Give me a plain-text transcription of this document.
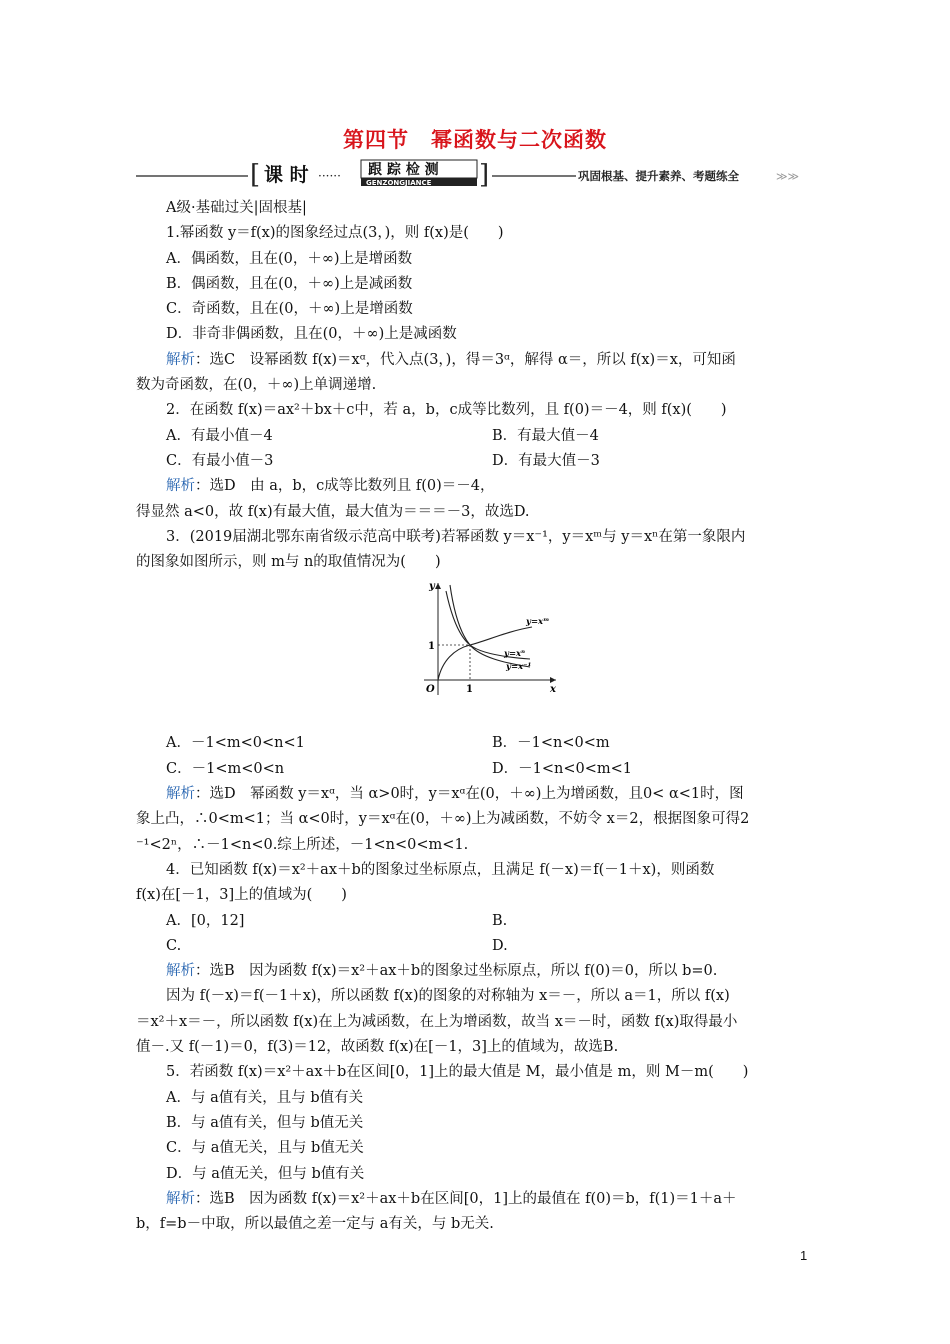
第四节　幂函数与二次函数
[ 课 时 ······ 跟 踪 检 测
GENZONGJIANCE ]	巩固根基、提升素养、考题练全	≫≫
A级·基础过关|固根基|
1.幂函数 y＝f(x)的图象经过点(3，)，则 f(x)是(　　)
A．偶函数，且在(0，＋∞)上是增函数
B．偶函数，且在(0，＋∞)上是减函数
C．奇函数，且在(0，＋∞)上是增函数
D．非奇非偶函数，且在(0，＋∞)上是减函数
解析：选C　设幂函数 f(x)＝xᵅ，代入点(3，)，得＝3ᵅ，解得 α＝，所以 f(x)＝x，可知函
数为奇函数，在(0，＋∞)上单调递增.
2．在函数 f(x)＝ax²＋bx＋c中，若 a，b，c成等比数列，且 f(0)＝－4，则 f(x)(　　)
A．有最小值－4	B．有最大值－4
C．有最小值－3	D．有最大值－3
解析：选D　由 a，b，c成等比数列且 f(0)＝－4，
得显然 a<0，故 f(x)有最大值，最大值为＝＝＝－3，故选D.
3．(2019届湖北鄂东南省级示范高中联考)若幂函数 y＝x⁻¹，y＝xᵐ与 y＝xⁿ在第一象限内
的图象如图所示，则 m与 n的取值情况为(　　)
y
x
O	1
1
y=xᵐ
y=xⁿ
y=x⁻¹
A．－1<m<0<n<1	B．－1<n<0<m
C．－1<m<0<n	D．－1<n<0<m<1
解析：选D　幂函数 y＝xᵅ，当 α>0时，y＝xᵅ在(0，＋∞)上为增函数，且0< α<1时，图
象上凸，∴0<m<1；当 α<0时，y＝xᵅ在(0，＋∞)上为减函数，不妨令 x＝2，根据图象可得2
⁻¹<2ⁿ，∴－1<n<0.综上所述，－1<n<0<m<1.
4．已知函数 f(x)＝x²＋ax＋b的图象过坐标原点，且满足 f(－x)＝f(－1＋x)，则函数
f(x)在[－1，3]上的值域为(　　)
A．[0，12]	B.
C.	D.
解析：选B　因为函数 f(x)＝x²＋ax＋b的图象过坐标原点，所以 f(0)＝0，所以 b=0.
因为 f(－x)＝f(－1＋x)，所以函数 f(x)的图象的对称轴为 x＝－，所以 a＝1，所以 f(x)
＝x²＋x＝－，所以函数 f(x)在上为减函数，在上为增函数，故当 x＝－时，函数 f(x)取得最小
值－.又 f(－1)＝0，f(3)＝12，故函数 f(x)在[－1，3]上的值域为，故选B.
5．若函数 f(x)＝x²＋ax＋b在区间[0，1]上的最大值是 M，最小值是 m，则 M－m(　　)
A．与 a值有关，且与 b值有关
B．与 a值有关，但与 b值无关
C．与 a值无关，且与 b值无关
D．与 a值无关，但与 b值有关
解析：选B　因为函数 f(x)＝x²＋ax＋b在区间[0，1]上的最值在 f(0)＝b，f(1)＝1＋a＋
b，f=b－中取，所以最值之差一定与 a有关，与 b无关.
1
